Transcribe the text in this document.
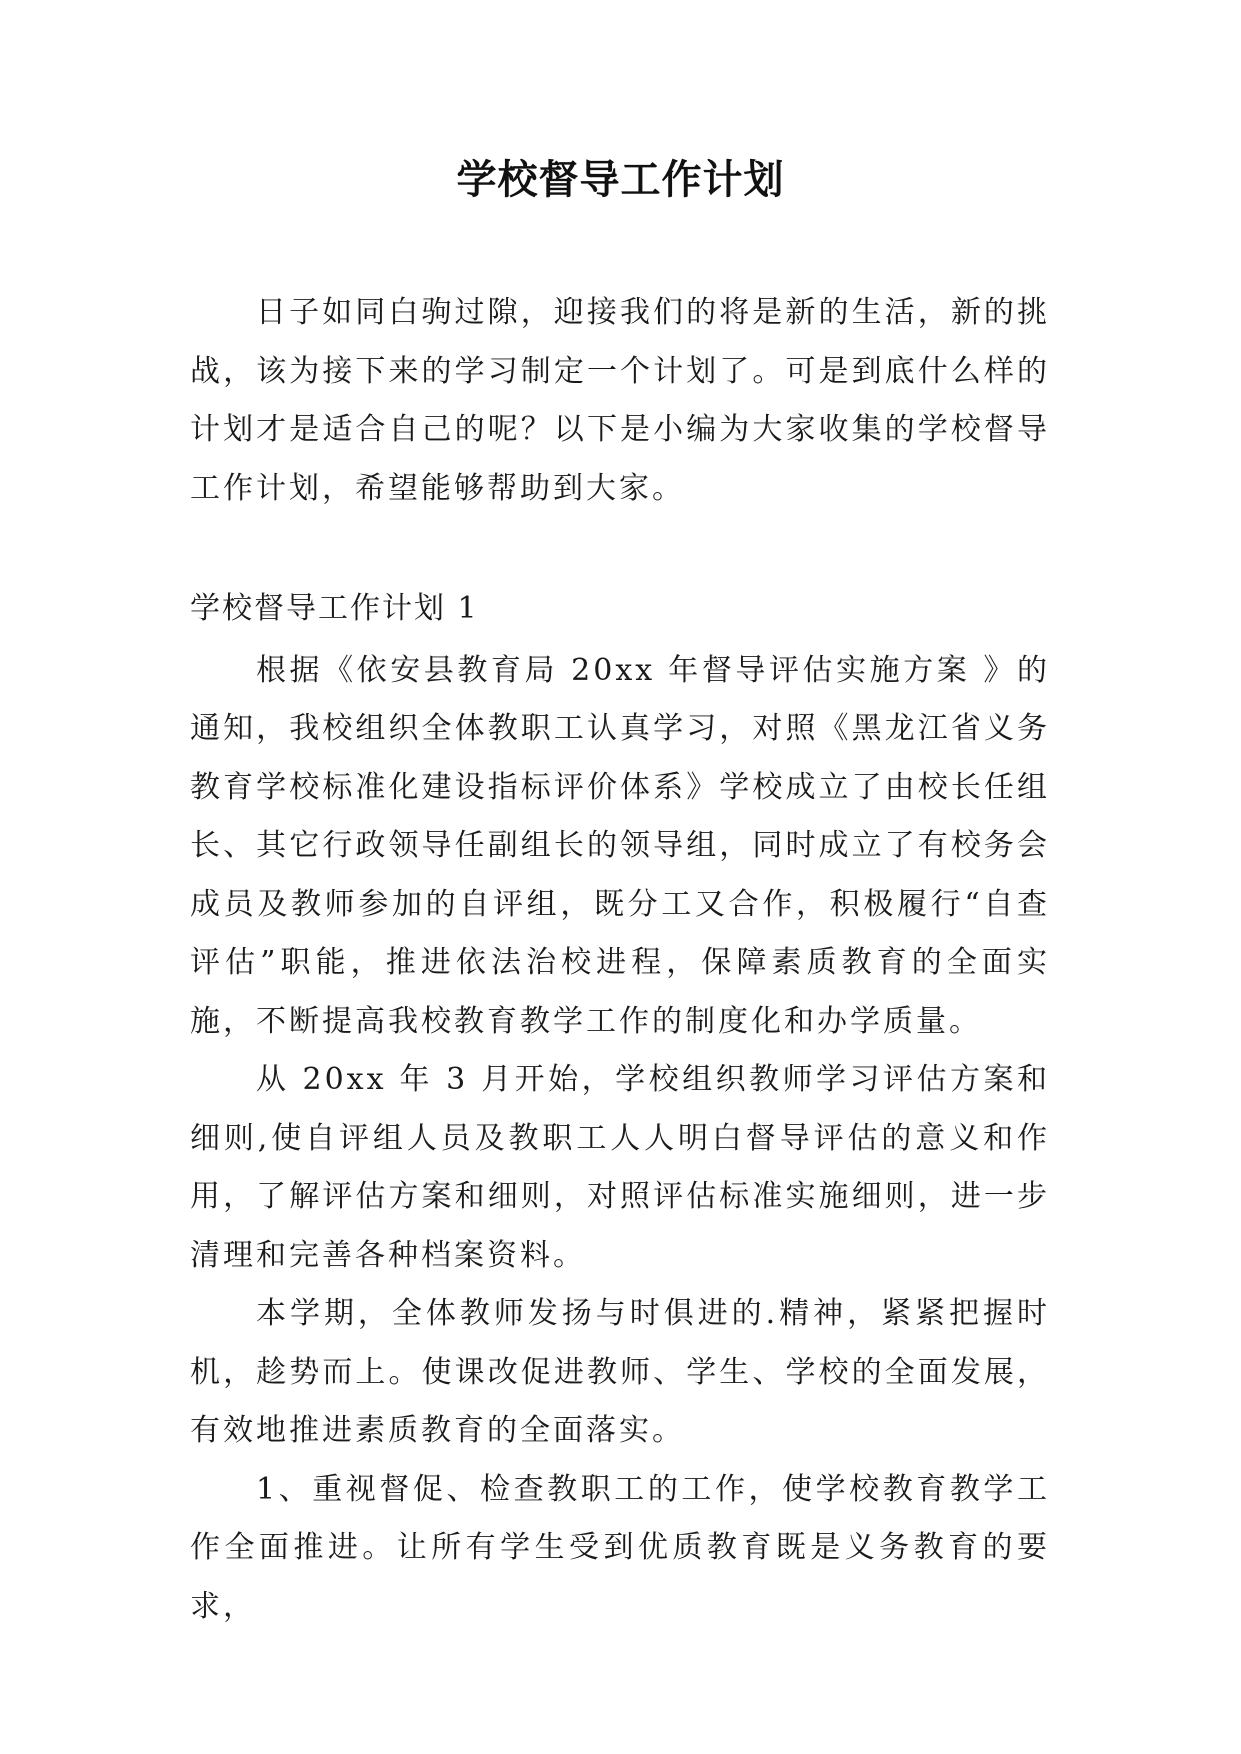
学校督导工作计划

日子如同白驹过隙，迎接我们的将是新的生活，新的挑战，该为接下来的学习制定一个计划了。可是到底什么样的计划才是适合自己的呢？以下是小编为大家收集的学校督导工作计划，希望能够帮助到大家。

学校督导工作计划 1

根据《依安县教育局 20xx 年督导评估实施方案 》的通知，我校组织全体教职工认真学习，对照《黑龙江省义务教育学校标准化建设指标评价体系》学校成立了由校长任组长、其它行政领导任副组长的领导组，同时成立了有校务会成员及教师参加的自评组，既分工又合作，积极履行“自查评估”职能，推进依法治校进程，保障素质教育的全面实施，不断提高我校教育教学工作的制度化和办学质量。

从 20xx 年 3 月开始，学校组织教师学习评估方案和细则,使自评组人员及教职工人人明白督导评估的意义和作用，了解评估方案和细则，对照评估标准实施细则，进一步清理和完善各种档案资料。

本学期，全体教师发扬与时俱进的.精神，紧紧把握时机，趁势而上。使课改促进教师、学生、学校的全面发展，有效地推进素质教育的全面落实。

1、重视督促、检查教职工的工作，使学校教育教学工作全面推进。让所有学生受到优质教育既是义务教育的要求，
